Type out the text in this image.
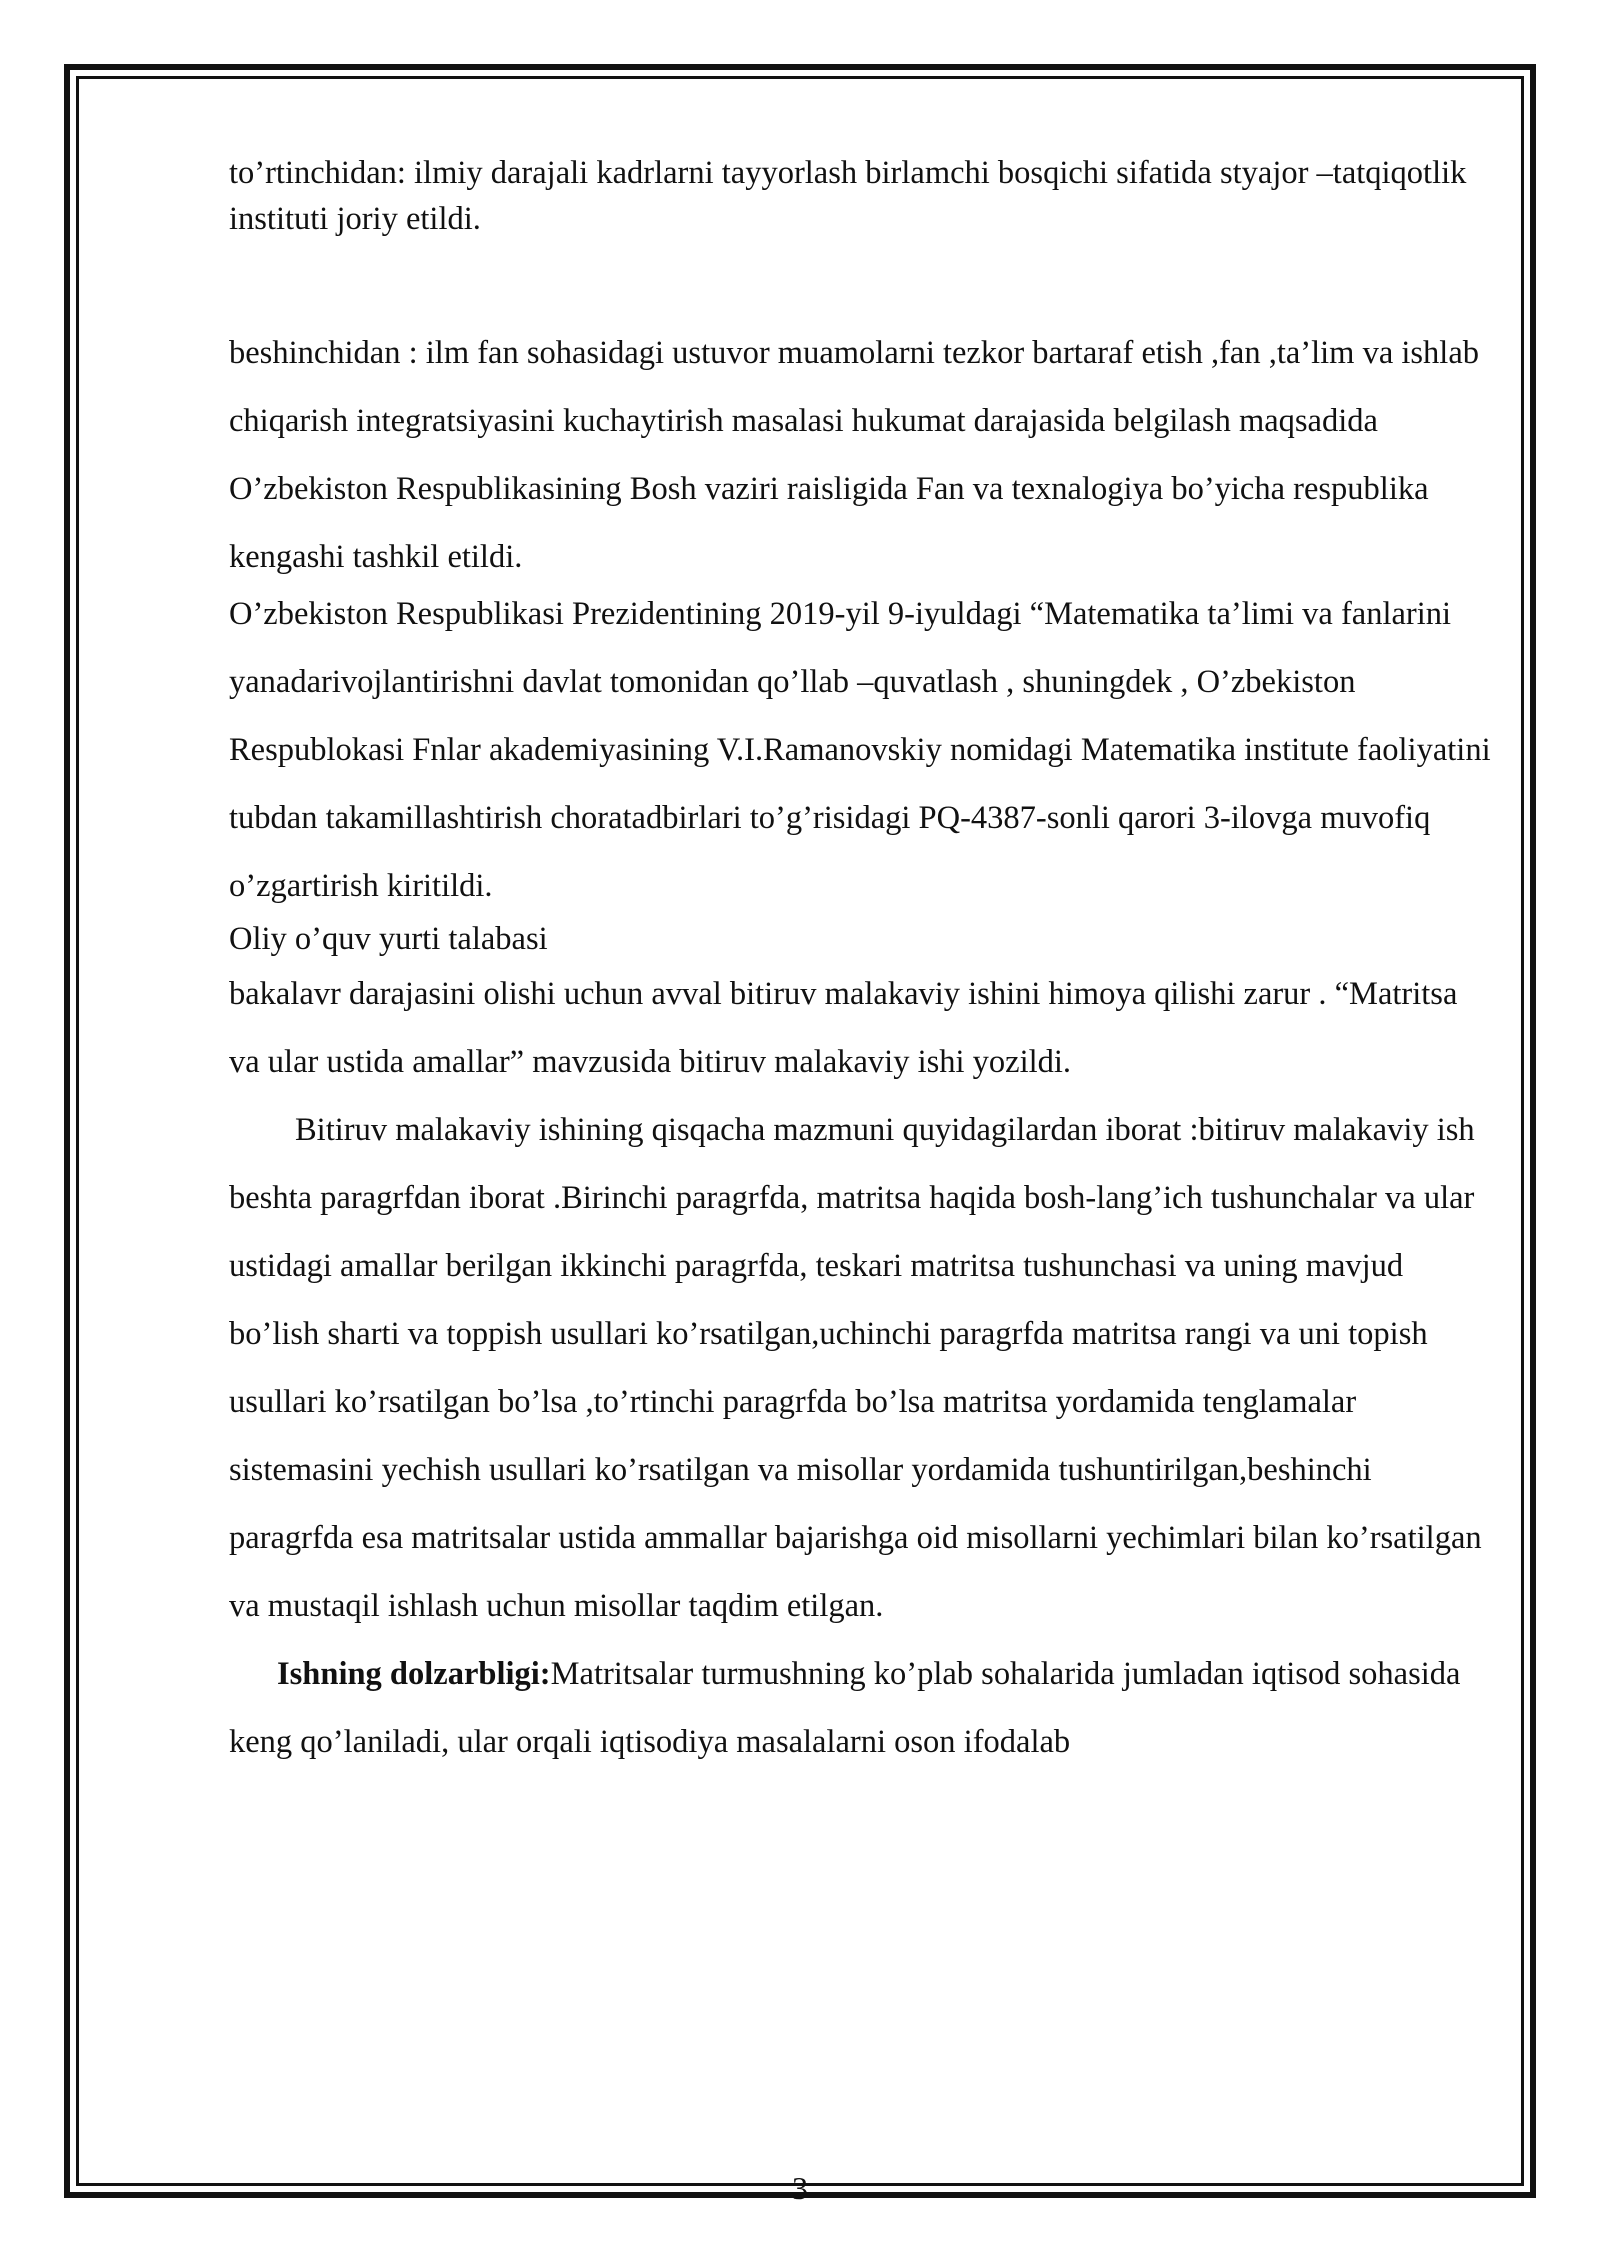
to’rtinchidan: ilmiy darajali kadrlarni tayyorlash birlamchi bosqichi sifatida styajor –tatqiqotlik instituti joriy etildi.

beshinchidan : ilm fan sohasidagi ustuvor muamolarni tezkor bartaraf etish ,fan ,ta’lim va ishlab chiqarish integratsiyasini kuchaytirish masalasi hukumat darajasida belgilash maqsadida O’zbekiston Respublikasining Bosh vaziri raisligida Fan va texnalogiya bo’yicha respublika kengashi tashkil etildi.

O’zbekiston Respublikasi Prezidentining 2019-yil 9-iyuldagi “Matematika ta’limi va fanlarini yanadarivojlantirishni davlat tomonidan qo’llab –quvatlash , shuningdek , O’zbekiston Respublokasi Fnlar akademiyasining V.I.Ramanovskiy nomidagi Matematika institute faoliyatini tubdan takamillashtirish choratadbirlari to’g’risidagi PQ-4387-sonli qarori 3-ilovga muvofiq o’zgartirish kiritildi.

Oliy o’quv yurti talabasi

bakalavr darajasini olishi uchun avval bitiruv malakaviy ishini himoya qilishi zarur . “Matritsa va ular ustida amallar” mavzusida bitiruv malakaviy ishi yozildi.

Bitiruv malakaviy ishining qisqacha mazmuni quyidagilardan iborat :bitiruv malakaviy ish beshta paragrfdan iborat .Birinchi paragrfda, matritsa haqida bosh-lang’ich tushunchalar va ular ustidagi amallar berilgan ikkinchi paragrfda, teskari matritsa tushunchasi va uning mavjud bo’lish sharti va toppish usullari ko’rsatilgan,uchinchi paragrfda matritsa rangi va uni topish usullari ko’rsatilgan bo’lsa ,to’rtinchi paragrfda bo’lsa matritsa yordamida tenglamalar sistemasini yechish usullari ko’rsatilgan va misollar yordamida tushuntirilgan,beshinchi paragrfda esa matritsalar ustida ammallar bajarishga oid misollarni yechimlari bilan ko’rsatilgan va mustaqil ishlash uchun misollar taqdim etilgan.

Ishning dolzarbligi:Matritsalar turmushning ko’plab sohalarida jumladan iqtisod sohasida keng qo’laniladi, ular orqali iqtisodiya masalalarni oson ifodalab

3
